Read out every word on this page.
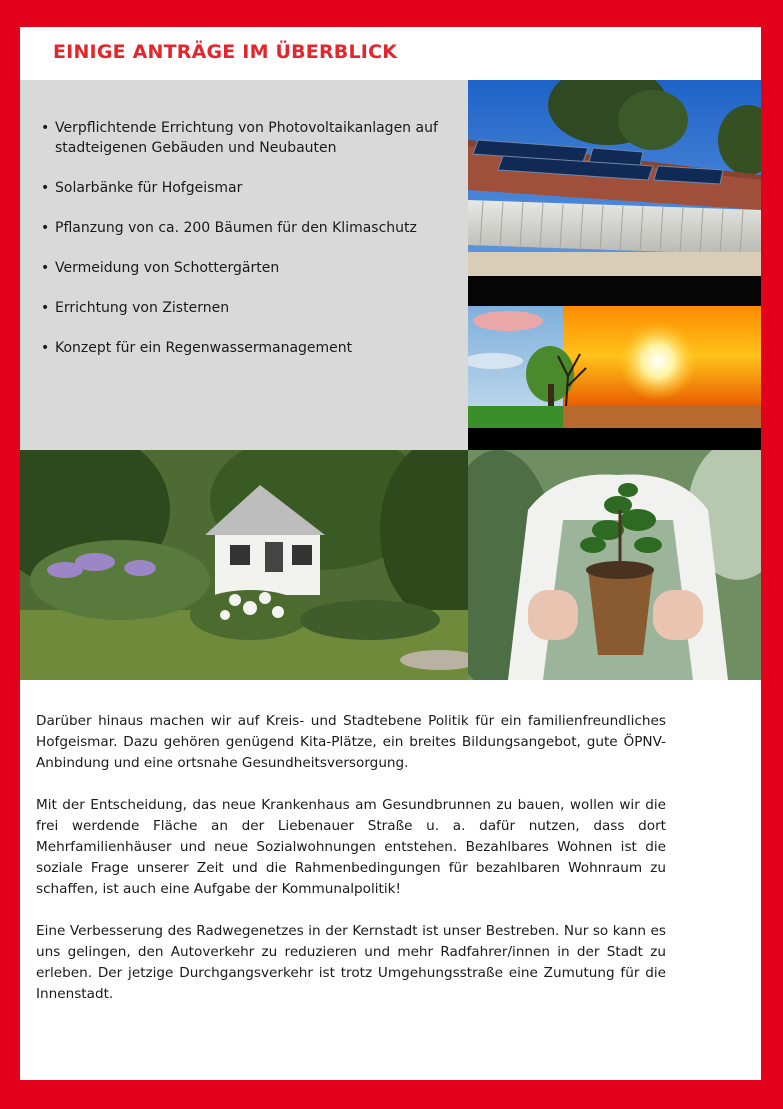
EINIGE ANTRÄGE IM ÜBERBLICK
• Verpflichtende Errichtung von Photovoltaikanlagen auf stadteigenen Gebäuden und Neubauten
• Solarbänke für Hofgeismar
• Pflanzung von ca. 200 Bäumen für den Klimaschutz
• Vermeidung von Schottergärten
• Errichtung von Zisternen
• Konzept für ein Regenwassermanagement

Darüber hinaus machen wir auf Kreis- und Stadtebene Politik für ein familienfreundliches Hofgeismar. Dazu gehören genügend Kita-Plätze, ein breites Bildungsangebot, gute ÖPNV-Anbindung und eine ortsnahe Gesundheitsversorgung.

Mit der Entscheidung, das neue Krankenhaus am Gesundbrunnen zu bauen, wollen wir die frei werdende Fläche an der Liebenauer Straße u. a. dafür nutzen, dass dort Mehrfamilienhäuser und neue Sozialwohnungen entstehen. Bezahlbares Wohnen ist die soziale Frage unserer Zeit und die Rahmenbedingungen für bezahlbaren Wohnraum zu schaffen, ist auch eine Aufgabe der Kommunalpolitik!

Eine Verbesserung des Radwegenetzes in der Kernstadt ist unser Bestreben. Nur so kann es uns gelingen, den Autoverkehr zu reduzieren und mehr Radfahrer/innen in der Stadt zu erleben. Der jetzige Durchgangsverkehr ist trotz Umgehungsstraße eine Zumutung für die Innenstadt.
